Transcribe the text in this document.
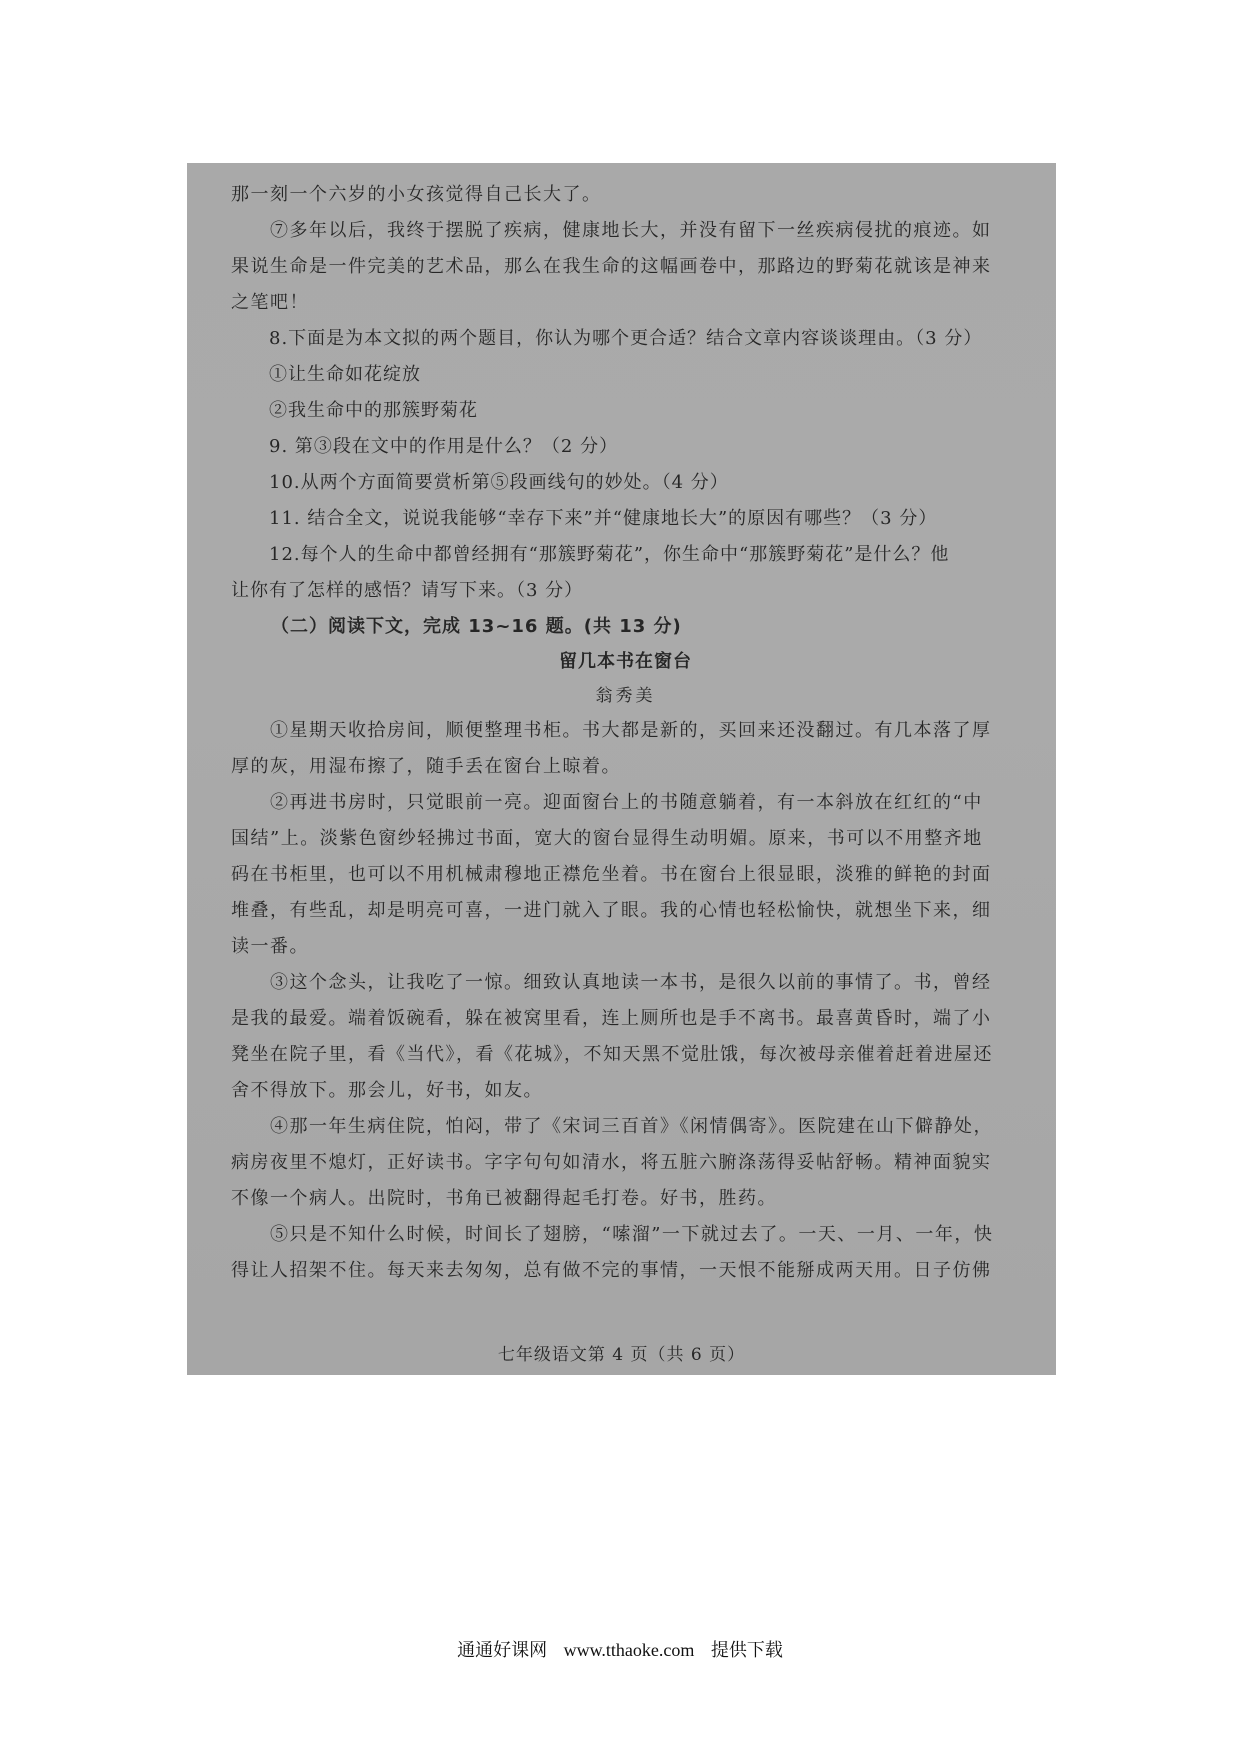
那一刻一个六岁的小女孩觉得自己长大了。
　　⑦多年以后，我终于摆脱了疾病，健康地长大，并没有留下一丝疾病侵扰的痕迹。如
果说生命是一件完美的艺术品，那么在我生命的这幅画卷中，那路边的野菊花就该是神来
之笔吧！
　　8.下面是为本文拟的两个题目，你认为哪个更合适？结合文章内容谈谈理由。（3 分）
　　①让生命如花绽放
　　②我生命中的那簇野菊花
　　9. 第③段在文中的作用是什么？（2 分）
　　10.从两个方面简要赏析第⑤段画线句的妙处。（4 分）
　　11. 结合全文，说说我能够“幸存下来”并“健康地长大”的原因有哪些？（3 分）
　　12.每个人的生命中都曾经拥有“那簇野菊花”，你生命中“那簇野菊花”是什么？他
让你有了怎样的感悟？请写下来。（3 分）
（二）阅读下文，完成 13~16 题。(共 13 分)
留几本书在窗台
翁秀美
　　①星期天收拾房间，顺便整理书柜。书大都是新的，买回来还没翻过。有几本落了厚
厚的灰，用湿布擦了，随手丢在窗台上晾着。
　　②再进书房时，只觉眼前一亮。迎面窗台上的书随意躺着，有一本斜放在红红的“中
国结”上。淡紫色窗纱轻拂过书面，宽大的窗台显得生动明媚。原来，书可以不用整齐地
码在书柜里，也可以不用机械肃穆地正襟危坐着。书在窗台上很显眼，淡雅的鲜艳的封面
堆叠，有些乱，却是明亮可喜，一进门就入了眼。我的心情也轻松愉快，就想坐下来，细
读一番。
　　③这个念头，让我吃了一惊。细致认真地读一本书，是很久以前的事情了。书，曾经
是我的最爱。端着饭碗看，躲在被窝里看，连上厕所也是手不离书。最喜黄昏时，端了小
凳坐在院子里，看《当代》，看《花城》，不知天黑不觉肚饿，每次被母亲催着赶着进屋还
舍不得放下。那会儿，好书，如友。
　　④那一年生病住院，怕闷，带了《宋词三百首》《闲情偶寄》。医院建在山下僻静处，
病房夜里不熄灯，正好读书。字字句句如清水，将五脏六腑涤荡得妥帖舒畅。精神面貌实
不像一个病人。出院时，书角已被翻得起毛打卷。好书，胜药。
　　⑤只是不知什么时候，时间长了翅膀，“嗦溜”一下就过去了。一天、一月、一年，快
得让人招架不住。每天来去匆匆，总有做不完的事情，一天恨不能掰成两天用。日子仿佛
七年级语文第 4 页（共 6 页）
通通好课网 www.tthaoke.com 提供下载
